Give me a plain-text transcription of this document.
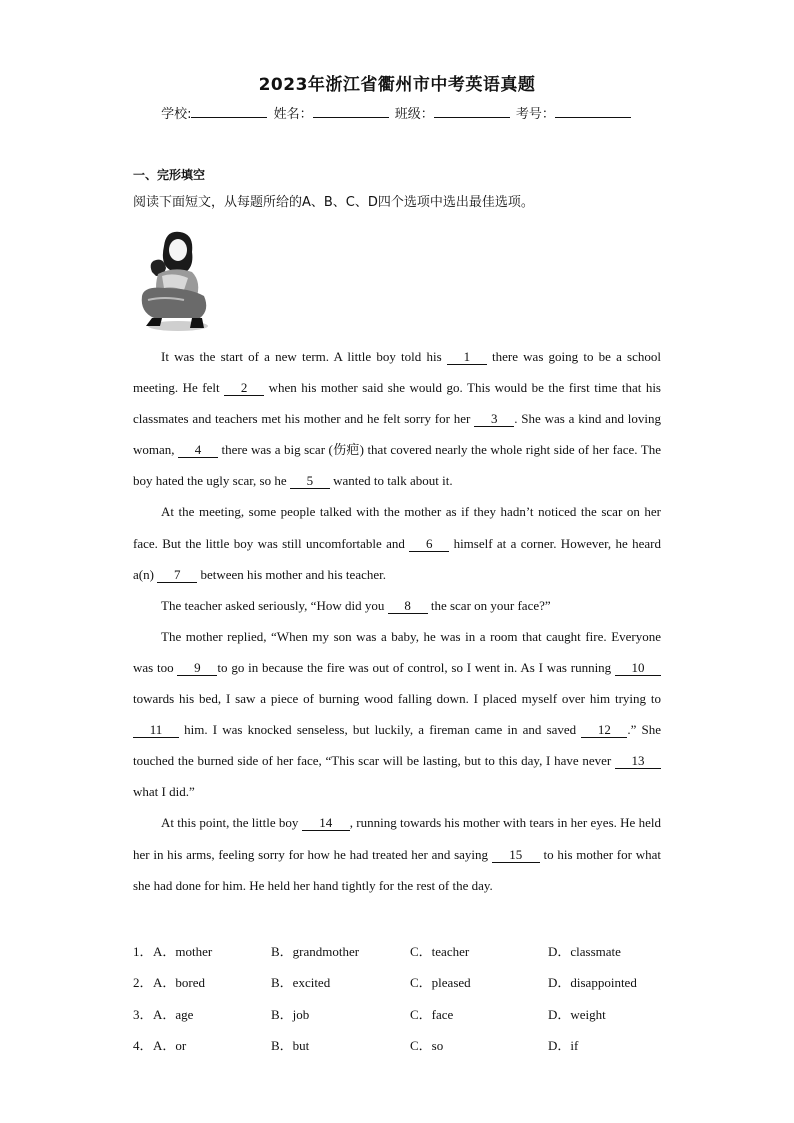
2023年浙江省衢州市中考英语真题
学校:	姓名：	班级：	考号：
一、完形填空
阅读下面短文，从每题所给的A、B、C、D四个选项中选出最佳选项。

It was the start of a new term. A little boy told his 1 there was going to be a school meeting. He felt 2 when his mother said she would go. This would be the first time that his classmates and teachers met his mother and he felt sorry for her 3 . She was a kind and loving woman, 4 there was a big scar (伤疤) that covered nearly the whole right side of her face. The boy hated the ugly scar, so he 5 wanted to talk about it.

At the meeting, some people talked with the mother as if they hadn’t noticed the scar on her face. But the little boy was still uncomfortable and 6 himself at a corner. However, he heard a(n) 7 between his mother and his teacher.

The teacher asked seriously, “How did you 8 the scar on your face?”

The mother replied, “When my son was a baby, he was in a room that caught fire. Everyone was too 9 to go in because the fire was out of control, so I went in. As I was running 10 towards his bed, I saw a piece of burning wood falling down. I placed myself over him trying to 11 him. I was knocked senseless, but luckily, a fireman came in and saved 12 .” She touched the burned side of her face, “This scar will be lasting, but to this day, I have never 13 what I did.”

At this point, the little boy 14 , running towards his mother with tears in her eyes. He held her in his arms, feeling sorry for how he had treated her and saying 15 to his mother for what she had done for him. He held her hand tightly for the rest of the day.

1． A．mother	B．grandmother	C．teacher	D．classmate
2． A．bored	B．excited	C．pleased	D．disappointed
3． A．age	B．job	C．face	D．weight
4． A．or	B．but	C．so	D．if
